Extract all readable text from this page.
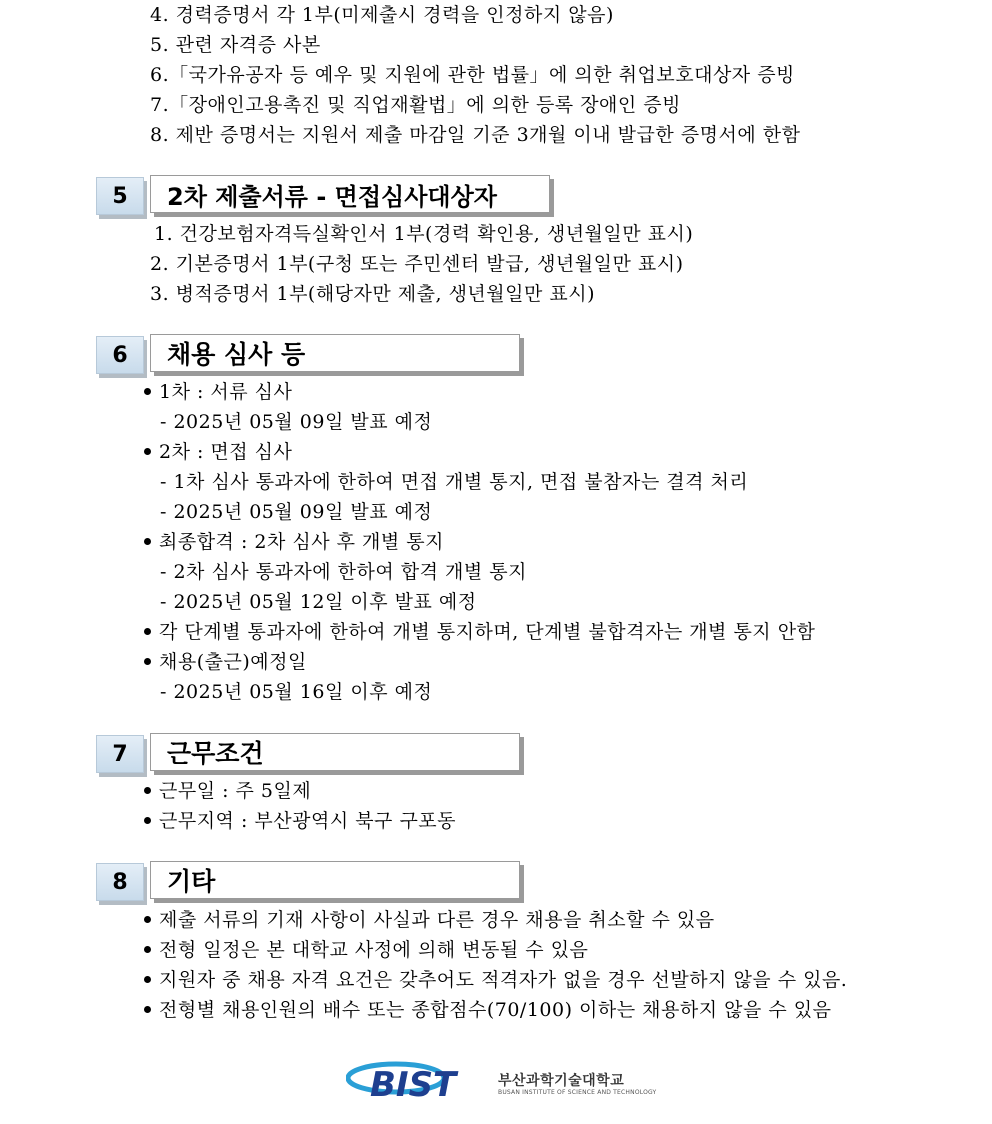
4. 경력증명서 각 1부(미제출시 경력을 인정하지 않음)
5. 관련 자격증 사본
6.「국가유공자 등 예우 및 지원에 관한 법률」에 의한 취업보호대상자 증빙
7.「장애인고용촉진 및 직업재활법」에 의한 등록 장애인 증빙
8. 제반 증명서는 지원서 제출 마감일 기준 3개월 이내 발급한 증명서에 한함
5	2차 제출서류 - 면접심사대상자
1. 건강보험자격득실확인서 1부(경력 확인용, 생년월일만 표시)
2. 기본증명서 1부(구청 또는 주민센터 발급, 생년월일만 표시)
3. 병적증명서 1부(해당자만 제출, 생년월일만 표시)
6	채용 심사 등
1차 : 서류 심사
- 2025년 05월 09일 발표 예정
2차 : 면접 심사
- 1차 심사 통과자에 한하여 면접 개별 통지, 면접 불참자는 결격 처리
- 2025년 05월 09일 발표 예정
최종합격 : 2차 심사 후 개별 통지
- 2차 심사 통과자에 한하여 합격 개별 통지
- 2025년 05월 12일 이후 발표 예정
각 단계별 통과자에 한하여 개별 통지하며, 단계별 불합격자는 개별 통지 안함
채용(출근)예정일
- 2025년 05월 16일 이후 예정
7	근무조건
근무일 : 주 5일제
근무지역 : 부산광역시 북구 구포동
8	기타
제출 서류의 기재 사항이 사실과 다른 경우 채용을 취소할 수 있음
전형 일정은 본 대학교 사정에 의해 변동될 수 있음
지원자 중 채용 자격 요건은 갖추어도 적격자가 없을 경우 선발하지 않을 수 있음.
전형별 채용인원의 배수 또는 종합점수(70/100) 이하는 채용하지 않을 수 있음
BIST	부산과학기술대학교
BUSAN INSTITUTE OF SCIENCE AND TECHNOLOGY
